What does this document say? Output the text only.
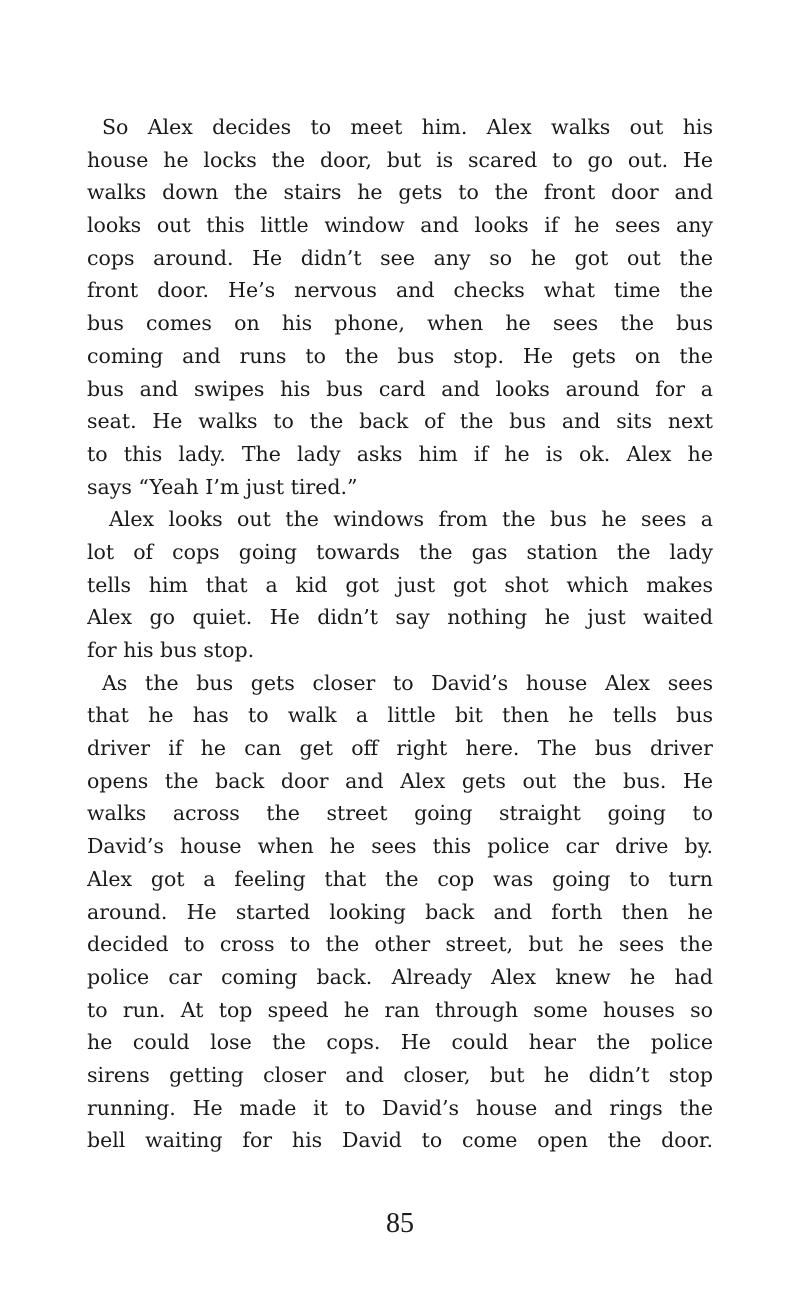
So Alex decides to meet him. Alex walks out his
house he locks the door, but is scared to go out. He
walks down the stairs he gets to the front door and
looks out this little window and looks if he sees any
cops around. He didn’t see any so he got out the
front door. He’s nervous and checks what time the
bus comes on his phone, when he sees the bus
coming and runs to the bus stop. He gets on the
bus and swipes his bus card and looks around for a
seat. He walks to the back of the bus and sits next
to this lady. The lady asks him if he is ok. Alex he
says “Yeah I’m just tired.”
Alex looks out the windows from the bus he sees a
lot of cops going towards the gas station the lady
tells him that a kid got just got shot which makes
Alex go quiet. He didn’t say nothing he just waited
for his bus stop.
As the bus gets closer to David’s house Alex sees
that he has to walk a little bit then he tells bus
driver if he can get off right here. The bus driver
opens the back door and Alex gets out the bus. He
walks across the street going straight going to
David’s house when he sees this police car drive by.
Alex got a feeling that the cop was going to turn
around. He started looking back and forth then he
decided to cross to the other street, but he sees the
police car coming back. Already Alex knew he had
to run. At top speed he ran through some houses so
he could lose the cops. He could hear the police
sirens getting closer and closer, but he didn’t stop
running. He made it to David’s house and rings the
bell waiting for his David to come open the door.
85
